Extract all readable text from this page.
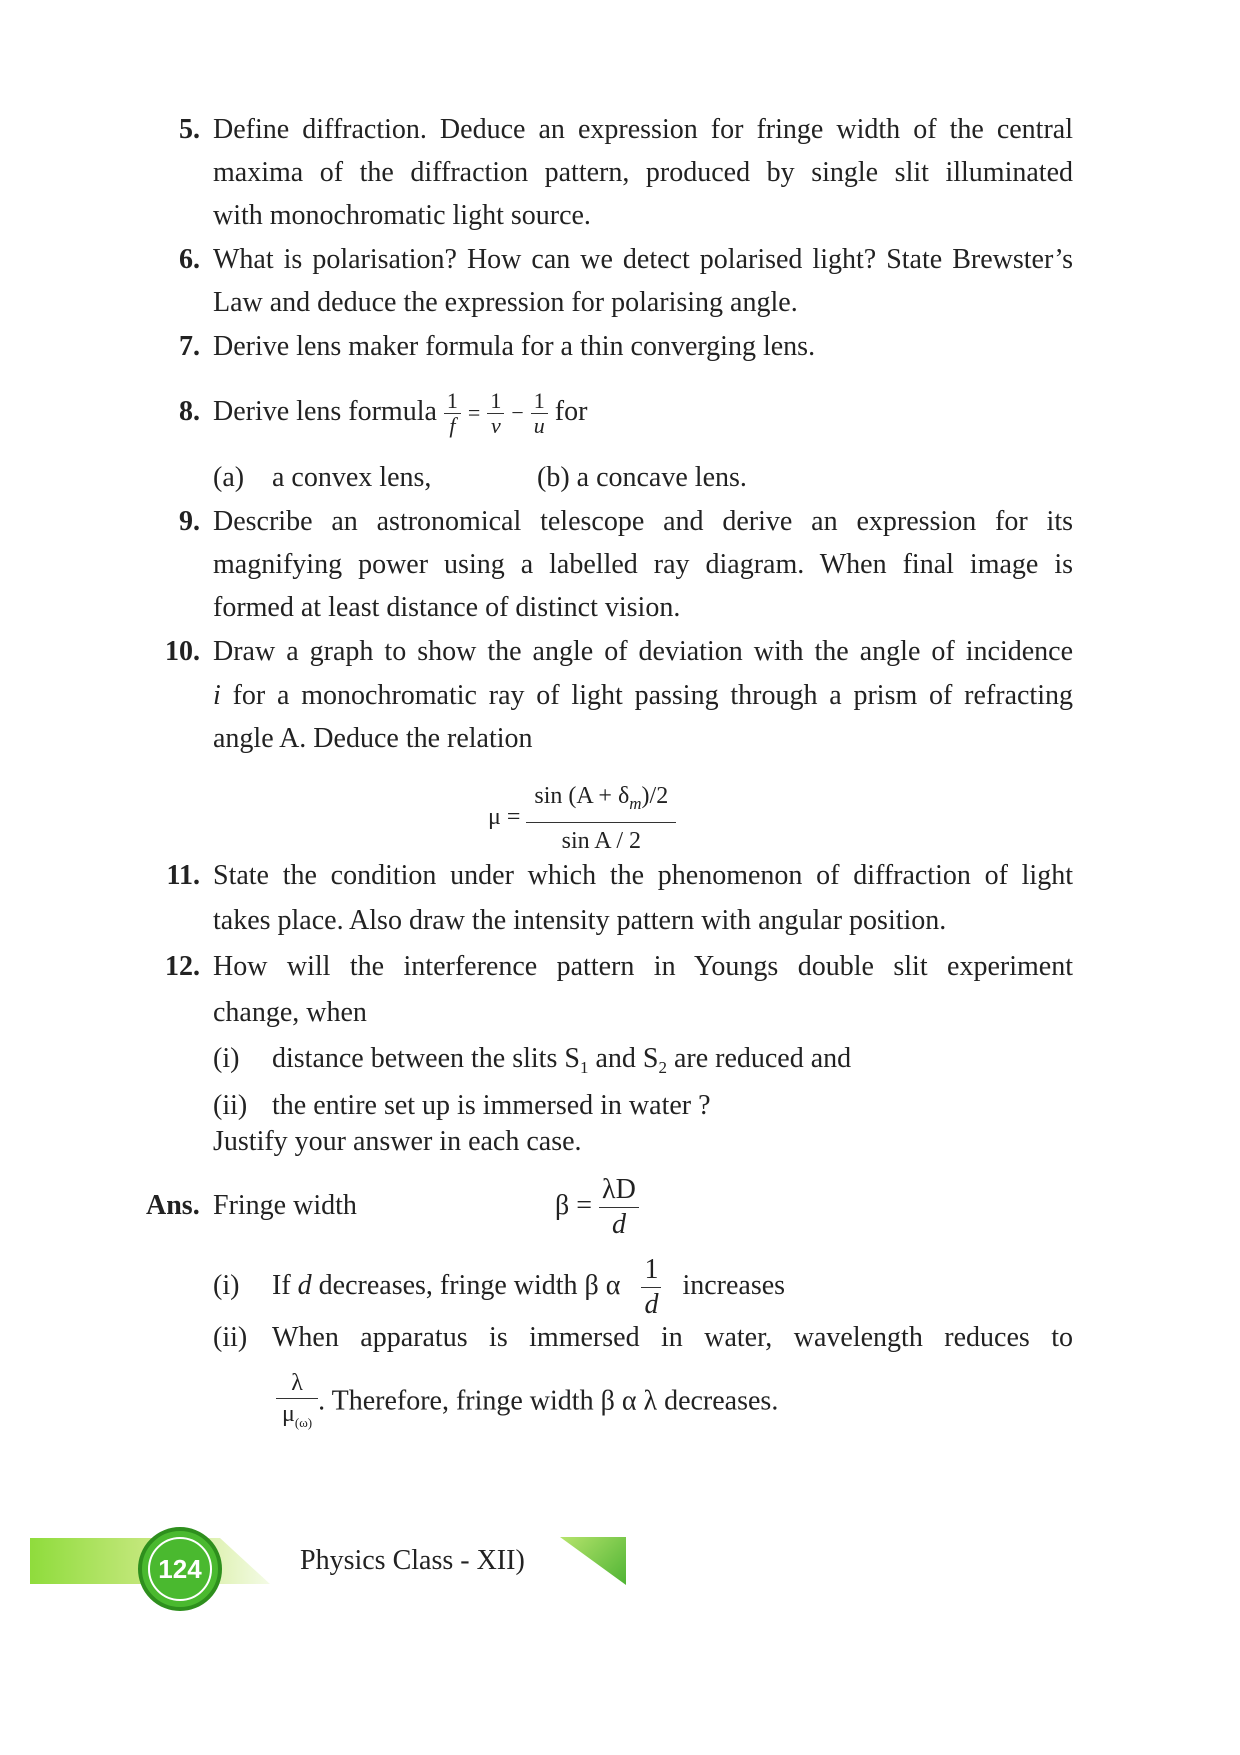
5. Define diffraction. Deduce an expression for fringe width of the central
maxima of the diffraction pattern, produced by single slit illuminated
with monochromatic light source.
6. What is polarisation? How can we detect polarised light? State Brewster’s
Law and deduce the expression for polarising angle.
7. Derive lens maker formula for a thin converging lens.
8. Derive lens formula $\frac{1}{f} = \frac{1}{v} - \frac{1}{u}$ for
(a) a convex lens,	(b) a concave lens.
9. Describe an astronomical telescope and derive an expression for its
magnifying power using a labelled ray diagram. When final image is
formed at least distance of distinct vision.
10. Draw a graph to show the angle of deviation with the angle of incidence
i for a monochromatic ray of light passing through a prism of refracting
angle A. Deduce the relation
$\mu = \frac{\sin (A + \delta_m)/2}{\text{sin A / 2}}$
11. State the condition under which the phenomenon of diffraction of light
takes place. Also draw the intensity pattern with angular position.
12. How will the interference pattern in Youngs double slit experiment
change, when
(i) distance between the slits $S_1$ and $S_2$ are reduced and
(ii) the entire set up is immersed in water ?
Justify your answer in each case.
Ans. Fringe width	$\beta = \frac{\lambda D}{d}$
(i) If d decreases, fringe width β α $\frac{1}{d}$ increases
(ii) When apparatus is immersed in water, wavelength reduces to
$\frac{\lambda}{\mu_{(\omega)}}$ . Therefore, fringe width β α λ decreases.
124	Physics Class - XII)
